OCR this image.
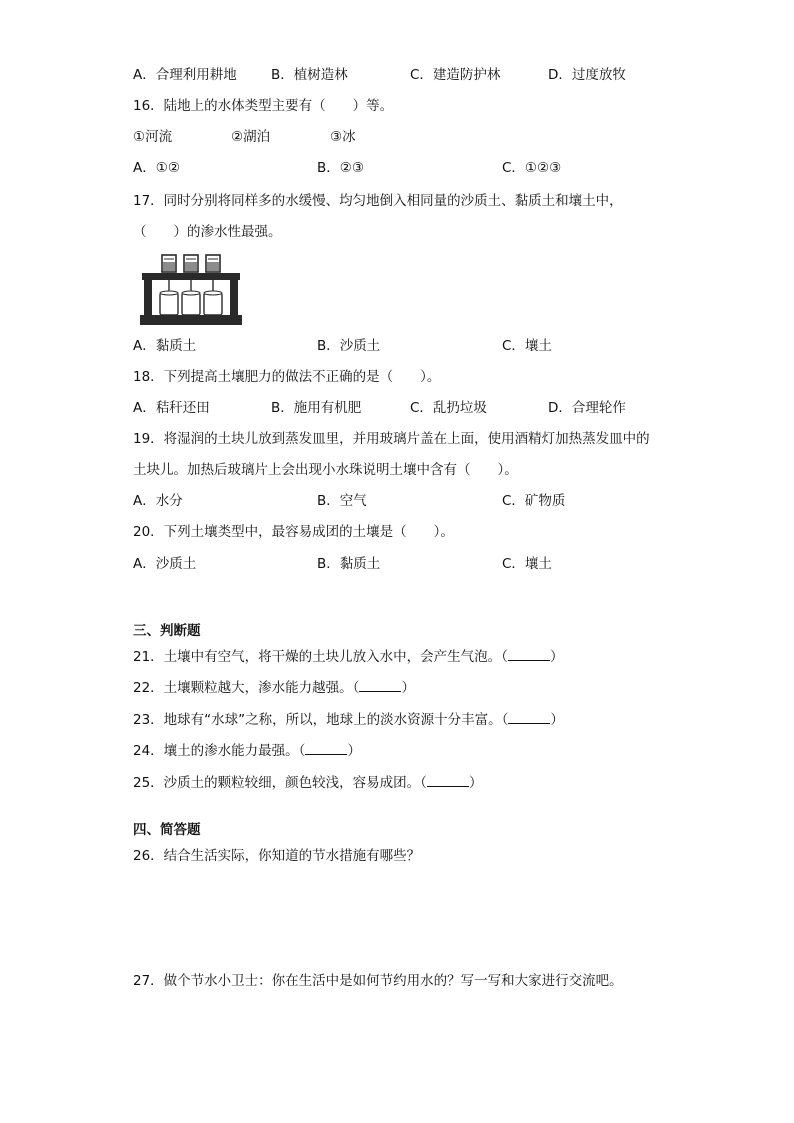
A．合理利用耕地	B．植树造林	C．建造防护林	D．过度放牧
16．陆地上的水体类型主要有（　　）等。
①河流	②湖泊	③冰
A．①②	B．②③	C．①②③
17．同时分别将同样多的水缓慢、均匀地倒入相同量的沙质土、黏质土和壤土中，
（　　）的渗水性最强。
A．黏质土	B．沙质土	C．壤土
18．下列提高土壤肥力的做法不正确的是（　　）。
A．秸秆还田	B．施用有机肥	C．乱扔垃圾	D．合理轮作
19．将湿润的土块儿放到蒸发皿里，并用玻璃片盖在上面，使用酒精灯加热蒸发皿中的
土块儿。加热后玻璃片上会出现小水珠说明土壤中含有（　　）。
A．水分	B．空气	C．矿物质
20．下列土壤类型中，最容易成团的土壤是（　　）。
A．沙质土	B．黏质土	C．壤土
三、判断题
21．土壤中有空气，将干燥的土块儿放入水中，会产生气泡。（	）
22．土壤颗粒越大，渗水能力越强。（	）
23．地球有“水球”之称，所以，地球上的淡水资源十分丰富。（	）
24．壤土的渗水能力最强。（	）
25．沙质土的颗粒较细，颜色较浅，容易成团。（	）
四、简答题
26．结合生活实际，你知道的节水措施有哪些？
27．做个节水小卫士：你在生活中是如何节约用水的？写一写和大家进行交流吧。
